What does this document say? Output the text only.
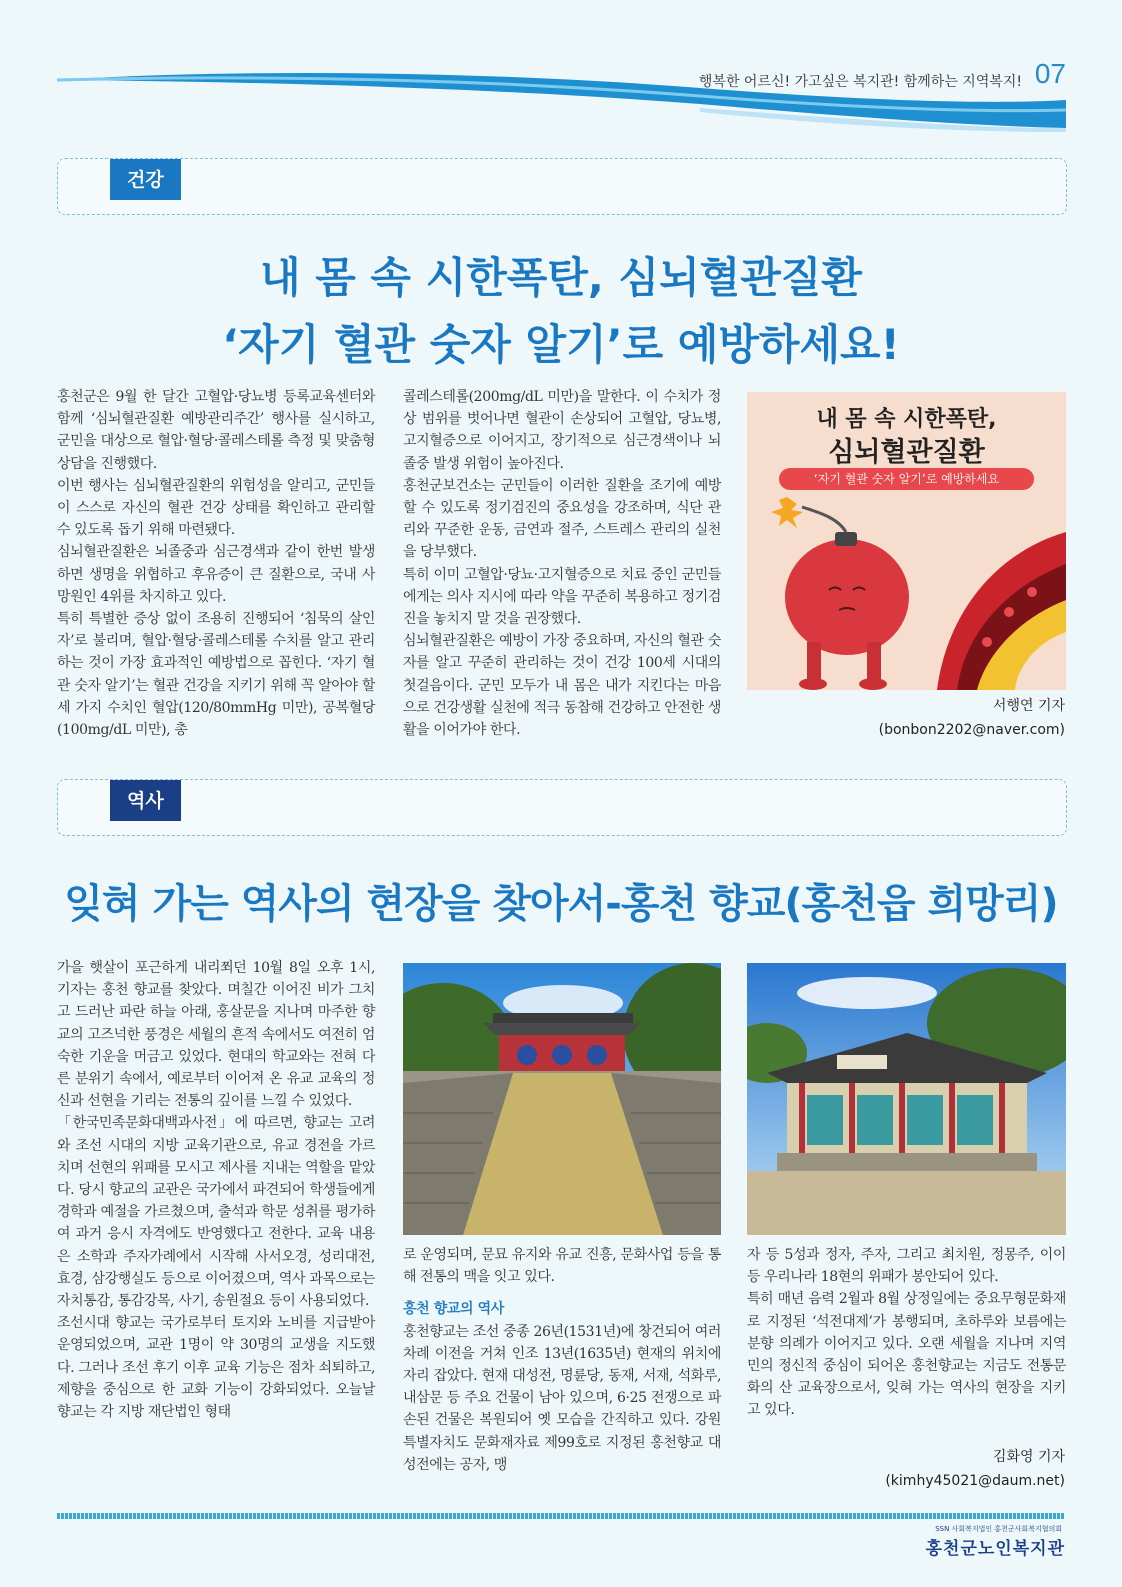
행복한 어르신! 가고싶은 복지관! 함께하는 지역복지! 07
건강
내 몸 속 시한폭탄, 심뇌혈관질환
‘자기 혈관 숫자 알기’로 예방하세요!

홍천군은 9월 한 달간 고혈압·당뇨병 등록교육센터와 함께 ‘심뇌혈관질환 예방관리주간’ 행사를 실시하고, 군민을 대상으로 혈압·혈당·콜레스테롤 측정 및 맞춤형 상담을 진행했다.

이번 행사는 심뇌혈관질환의 위험성을 알리고, 군민들이 스스로 자신의 혈관 건강 상태를 확인하고 관리할 수 있도록 돕기 위해 마련됐다.

심뇌혈관질환은 뇌졸중과 심근경색과 같이 한번 발생하면 생명을 위협하고 후유증이 큰 질환으로, 국내 사망원인 4위를 차지하고 있다.

특히 특별한 증상 없이 조용히 진행되어 ‘침묵의 살인자’로 불리며, 혈압·혈당·콜레스테롤 수치를 알고 관리하는 것이 가장 효과적인 예방법으로 꼽힌다. ‘자기 혈관 숫자 알기’는 혈관 건강을 지키기 위해 꼭 알아야 할 세 가지 수치인 혈압(120/80mmHg 미만), 공복혈당(100mg/dL 미만), 총

콜레스테롤(200mg/dL 미만)을 말한다. 이 수치가 정상 범위를 벗어나면 혈관이 손상되어 고혈압, 당뇨병, 고지혈증으로 이어지고, 장기적으로 심근경색이나 뇌졸중 발생 위험이 높아진다.

홍천군보건소는 군민들이 이러한 질환을 조기에 예방할 수 있도록 정기검진의 중요성을 강조하며, 식단 관리와 꾸준한 운동, 금연과 절주, 스트레스 관리의 실천을 당부했다.

특히 이미 고혈압·당뇨·고지혈증으로 치료 중인 군민들에게는 의사 지시에 따라 약을 꾸준히 복용하고 정기검진을 놓치지 말 것을 권장했다.

심뇌혈관질환은 예방이 가장 중요하며, 자신의 혈관 숫자를 알고 꾸준히 관리하는 것이 건강 100세 시대의 첫걸음이다. 군민 모두가 내 몸은 내가 지킨다는 마음으로 건강생활 실천에 적극 동참해 건강하고 안전한 생활을 이어가야 한다.

내 몸 속 시한폭탄,
심뇌혈관질환
‘자기 혈관 숫자 알기’로 예방하세요
서행연 기자
(bonbon2202@naver.com)
역사
잊혀 가는 역사의 현장을 찾아서-홍천 향교(홍천읍 희망리)

가을 햇살이 포근하게 내리쬐던 10월 8일 오후 1시, 기자는 홍천 향교를 찾았다. 며칠간 이어진 비가 그치고 드러난 파란 하늘 아래, 홍살문을 지나며 마주한 향교의 고즈넉한 풍경은 세월의 흔적 속에서도 여전히 엄숙한 기운을 머금고 있었다. 현대의 학교와는 전혀 다른 분위기 속에서, 예로부터 이어져 온 유교 교육의 정신과 선현을 기리는 전통의 깊이를 느낄 수 있었다.

「한국민족문화대백과사전」에 따르면, 향교는 고려와 조선 시대의 지방 교육기관으로, 유교 경전을 가르치며 선현의 위패를 모시고 제사를 지내는 역할을 맡았다. 당시 향교의 교관은 국가에서 파견되어 학생들에게 경학과 예절을 가르쳤으며, 출석과 학문 성취를 평가하여 과거 응시 자격에도 반영했다고 전한다. 교육 내용은 소학과 주자가례에서 시작해 사서오경, 성리대전, 효경, 삼강행실도 등으로 이어졌으며, 역사 과목으로는 자치통감, 통감강목, 사기, 송원절요 등이 사용되었다.

조선시대 향교는 국가로부터 토지와 노비를 지급받아 운영되었으며, 교관 1명이 약 30명의 교생을 지도했다. 그러나 조선 후기 이후 교육 기능은 점차 쇠퇴하고, 제향을 중심으로 한 교화 기능이 강화되었다. 오늘날 향교는 각 지방 재단법인 형태

로 운영되며, 문묘 유지와 유교 진흥, 문화사업 등을 통해 전통의 맥을 잇고 있다.

홍천 향교의 역사

홍천향교는 조선 중종 26년(1531년)에 창건되어 여러 차례 이전을 거쳐 인조 13년(1635년) 현재의 위치에 자리 잡았다. 현재 대성전, 명륜당, 동재, 서재, 석화루, 내삼문 등 주요 건물이 남아 있으며, 6·25 전쟁으로 파손된 건물은 복원되어 옛 모습을 간직하고 있다. 강원특별자치도 문화재자료 제99호로 지정된 홍천향교 대성전에는 공자, 맹

자 등 5성과 정자, 주자, 그리고 최치원, 정몽주, 이이 등 우리나라 18현의 위패가 봉안되어 있다.

특히 매년 음력 2월과 8월 상정일에는 중요무형문화재로 지정된 ‘석전대제’가 봉행되며, 초하루와 보름에는 분향 의례가 이어지고 있다. 오랜 세월을 지나며 지역민의 정신적 중심이 되어온 홍천향교는 지금도 전통문화의 산 교육장으로서, 잊혀 가는 역사의 현장을 지키고 있다.

김화영 기자
(kimhy45021@daum.net)
SSN 사회복지법인 홍천군사회복지협의회
홍천군노인복지관
